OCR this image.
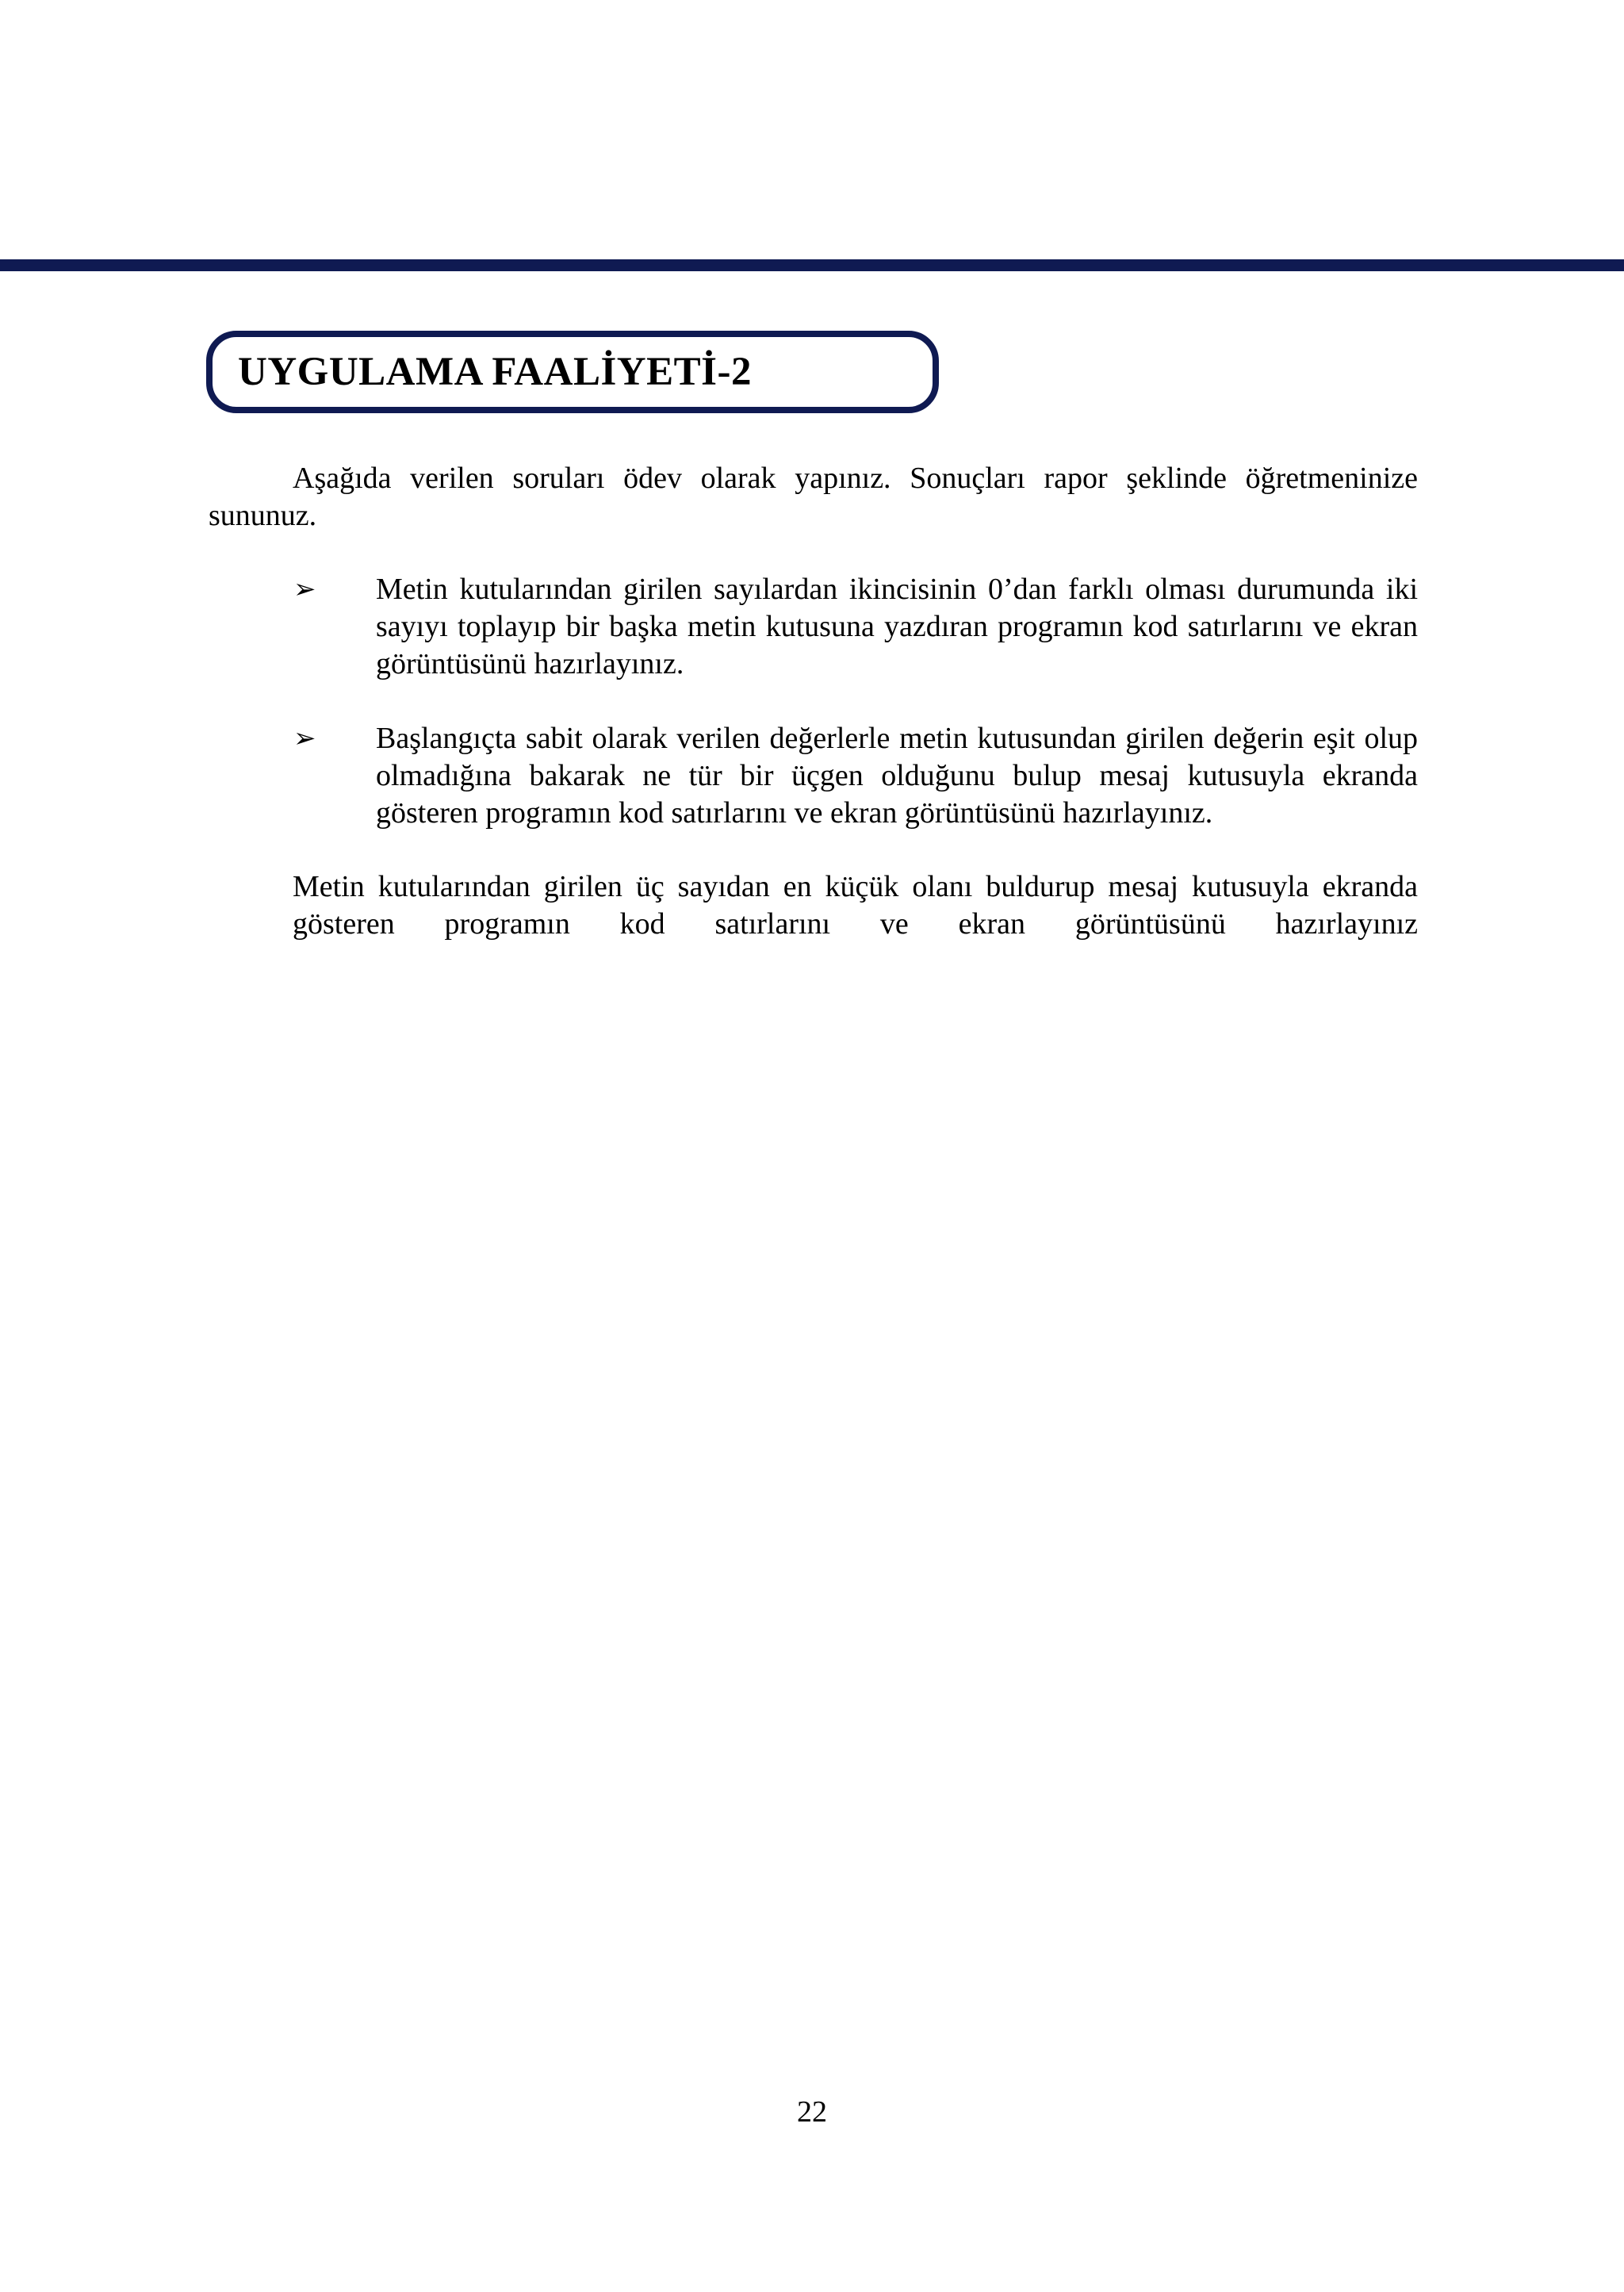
UYGULAMA FAALİYETİ-2

Aşağıda verilen soruları ödev olarak yapınız. Sonuçları rapor şeklinde öğretmeninize sununuz.

➢ Metin kutularından girilen sayılardan ikincisinin 0’dan farklı olması durumunda iki sayıyı toplayıp bir başka metin kutusuna yazdıran programın kod satırlarını ve ekran görüntüsünü hazırlayınız.

➢ Başlangıçta sabit olarak verilen değerlerle metin kutusundan girilen değerin eşit olup olmadığına bakarak ne tür bir üçgen olduğunu bulup mesaj kutusuyla ekranda gösteren programın kod satırlarını ve ekran görüntüsünü hazırlayınız.

Metin kutularından girilen üç sayıdan en küçük olanı buldurup mesaj kutusuyla ekranda gösteren programın kod satırlarını ve ekran görüntüsünü hazırlayınız

22
